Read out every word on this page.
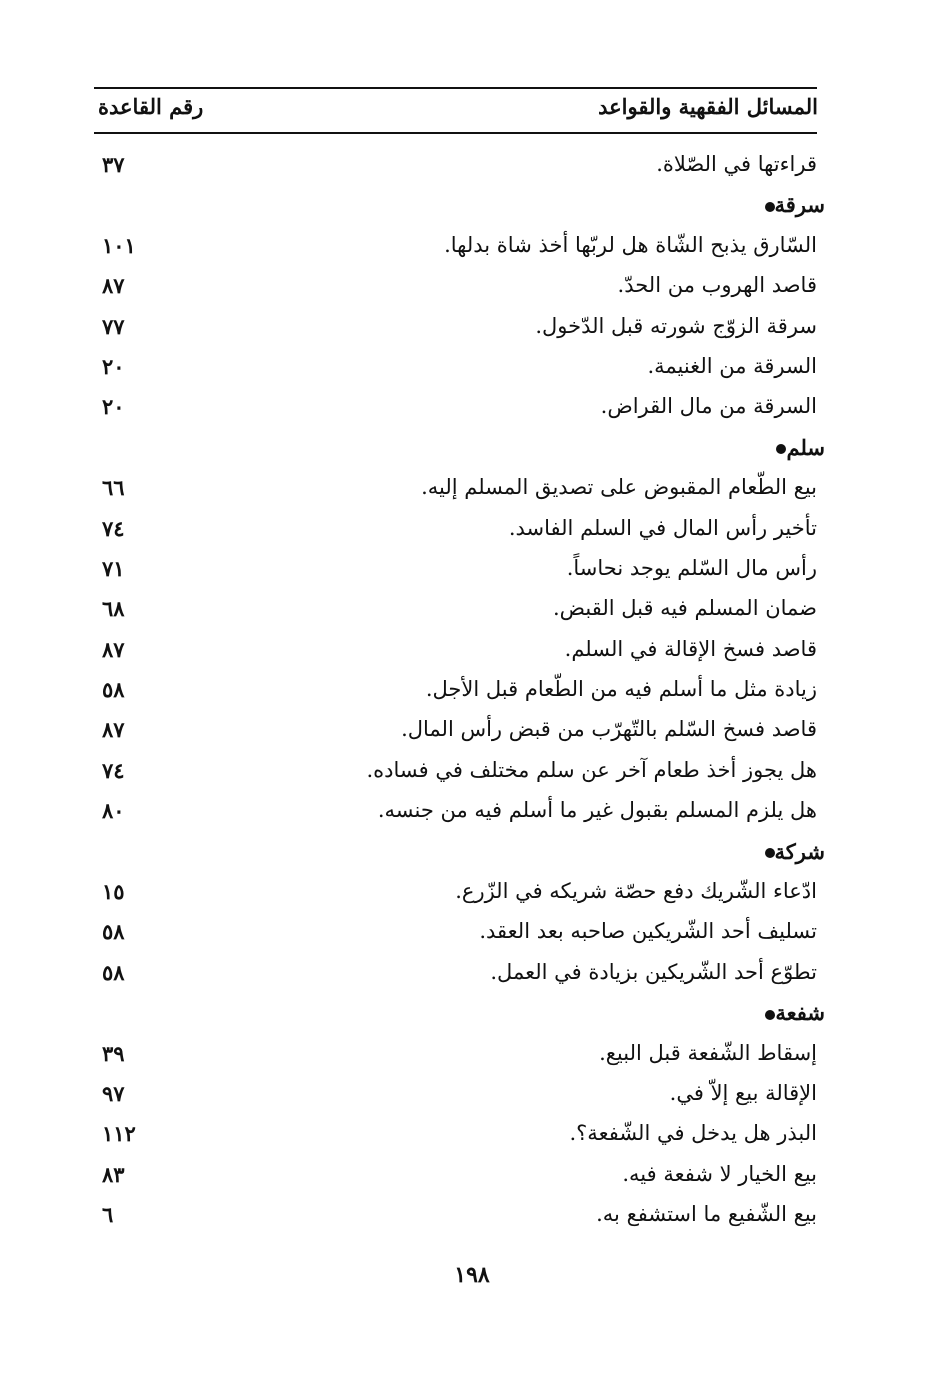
المسائل الفقهية والقواعد
رقم القاعدة
قراءتها في الصّلاة.
٣٧
سرقة
السّارق يذبح الشّاة هل لربّها أخذ شاة بدلها.
١٠١
قاصد الهروب من الحدّ.
٨٧
سرقة الزوّج شورته قبل الدّخول.
٧٧
السرقة من الغنيمة.
٢٠
السرقة من مال القراض.
٢٠
سلم
بيع الطّعام المقبوض على تصديق المسلم إليه.
٦٦
تأخير رأس المال في السلم الفاسد.
٧٤
رأس مال السّلم يوجد نحاساً.
٧١
ضمان المسلم فيه قبل القبض.
٦٨
قاصد فسخ الإقالة في السلم.
٨٧
زيادة مثل ما أسلم فيه من الطّعام قبل الأجل.
٥٨
قاصد فسخ السّلم بالتّهرّب من قبض رأس المال.
٨٧
هل يجوز أخذ طعام آخر عن سلم مختلف في فساده.
٧٤
هل يلزم المسلم بقبول غير ما أسلم فيه من جنسه.
٨٠
شركة
ادّعاء الشّريك دفع حصّة شريكه في الزّرع.
١٥
تسليف أحد الشّريكين صاحبه بعد العقد.
٥٨
تطوّع أحد الشّريكين بزيادة في العمل.
٥٨
شفعة
إسقاط الشّفعة قبل البيع.
٣٩
الإقالة بيع إلاّ في.
٩٧
البذر هل يدخل في الشّفعة؟.
١١٢
بيع الخيار لا شفعة فيه.
٨٣
بيع الشّفيع ما استشفع به.
٦
١٩٨
